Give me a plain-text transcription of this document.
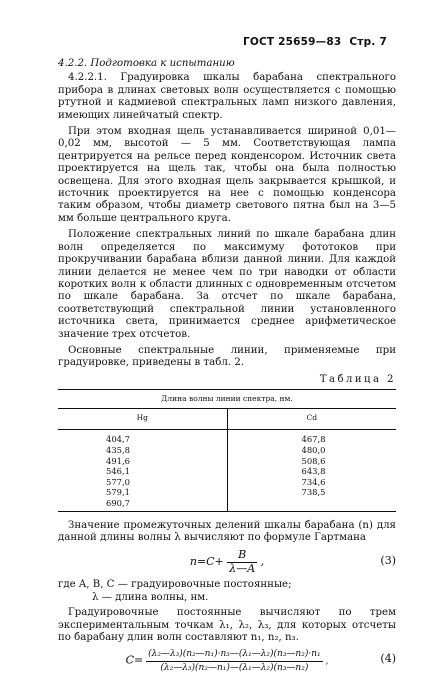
ГОСТ 25659—83 Стр. 7

4.2.2. Подготовка к испытанию

4.2.2.1. Градуировка шкалы барабана спектрального прибора в длинах световых волн осуществляется с помощью ртутной и кадмиевой спектральных ламп низкого давления, имеющих линейчатый спектр.

При этом входная щель устанавливается шириной 0,01—0,02 мм, высотой — 5 мм. Соответствующая лампа центрируется на рельсе перед конденсором. Источник света проектируется на щель так, чтобы она была полностью освещена. Для этого входная щель закрывается крышкой, и источник проектируется на нее с помощью конденсора таким образом, чтобы диаметр светового пятна был на 3—5 мм больше центрального круга.

Положение спектральных линий по шкале барабана длин волн определяется по максимуму фототоков при прокручивании барабана вблизи данной линии. Для каждой линии делается не менее чем по три наводки от области коротких волн к области длинных с одновременным отсчетом по шкале барабана. За отсчет по шкале барабана, соответствующий спектральной линии установленного источника света, принимается среднее арифметическое значение трех отсчетов.

Основные спектральные линии, применяемые при градуировке, приведены в табл. 2.

Таблица 2
Длина волны линии спектра, нм.
Hg
404,7
435,8
491,6
546,1
577,0
579,1
690,7
Cd
467,8
480,0
508,6
643,8
734,6
738,5

Значение промежуточных делений шкалы барабана (n) для данной длины волны λ вычисляют по формуле Гартмана

$n=C+ \frac{B}{\lambda—A}$ ,	(3)
где A, B, C — градуировочные постоянные;
λ — длина волны, нм.

Градуировочные постоянные вычисляют по трем экспериментальным точкам λ₁, λ₂, λ₃, для которых отсчеты по барабану длин волн составляют n₁, n₂, n₃.

$C= \frac{\text{(λ₂—λ₃)(n₂—n₁)·n₃—(λ₁—λ₂)(n₃—n₂)·n₁}}{\text{(λ₂—λ₃)(n₂—n₁)—(λ₁—λ₂)(n₃—n₂)}}$ ,	(4)
